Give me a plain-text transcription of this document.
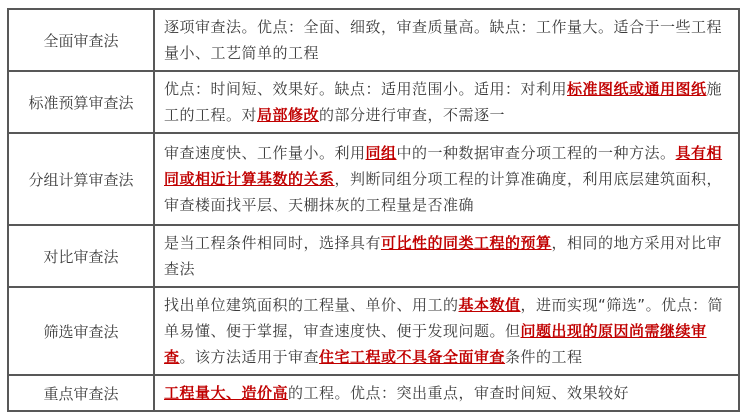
全面审查法	逐项审查法。优点：全面、细致，审查质量高。缺点：工作量大。适合于一些工程量小、工艺简单的工程
标准预算审查法	优点：时间短、效果好。缺点：适用范围小。适用：对利用标准图纸或通用图纸施工的工程。对局部修改的部分进行审查，不需逐一
分组计算审查法	审查速度快、工作量小。利用同组中的一种数据审查分项工程的一种方法。具有相同或相近计算基数的关系，判断同组分项工程的计算准确度，利用底层建筑面积，审查楼面找平层、天棚抹灰的工程量是否准确
对比审查法	是当工程条件相同时，选择具有可比性的同类工程的预算，相同的地方采用对比审查法
筛选审查法	找出单位建筑面积的工程量、单价、用工的基本数值，进而实现“筛选”。优点：简单易懂、便于掌握，审查速度快、便于发现问题。但问题出现的原因尚需继续审查。该方法适用于审查住宅工程或不具备全面审查条件的工程
重点审查法	工程量大、造价高的工程。优点：突出重点，审查时间短、效果较好
